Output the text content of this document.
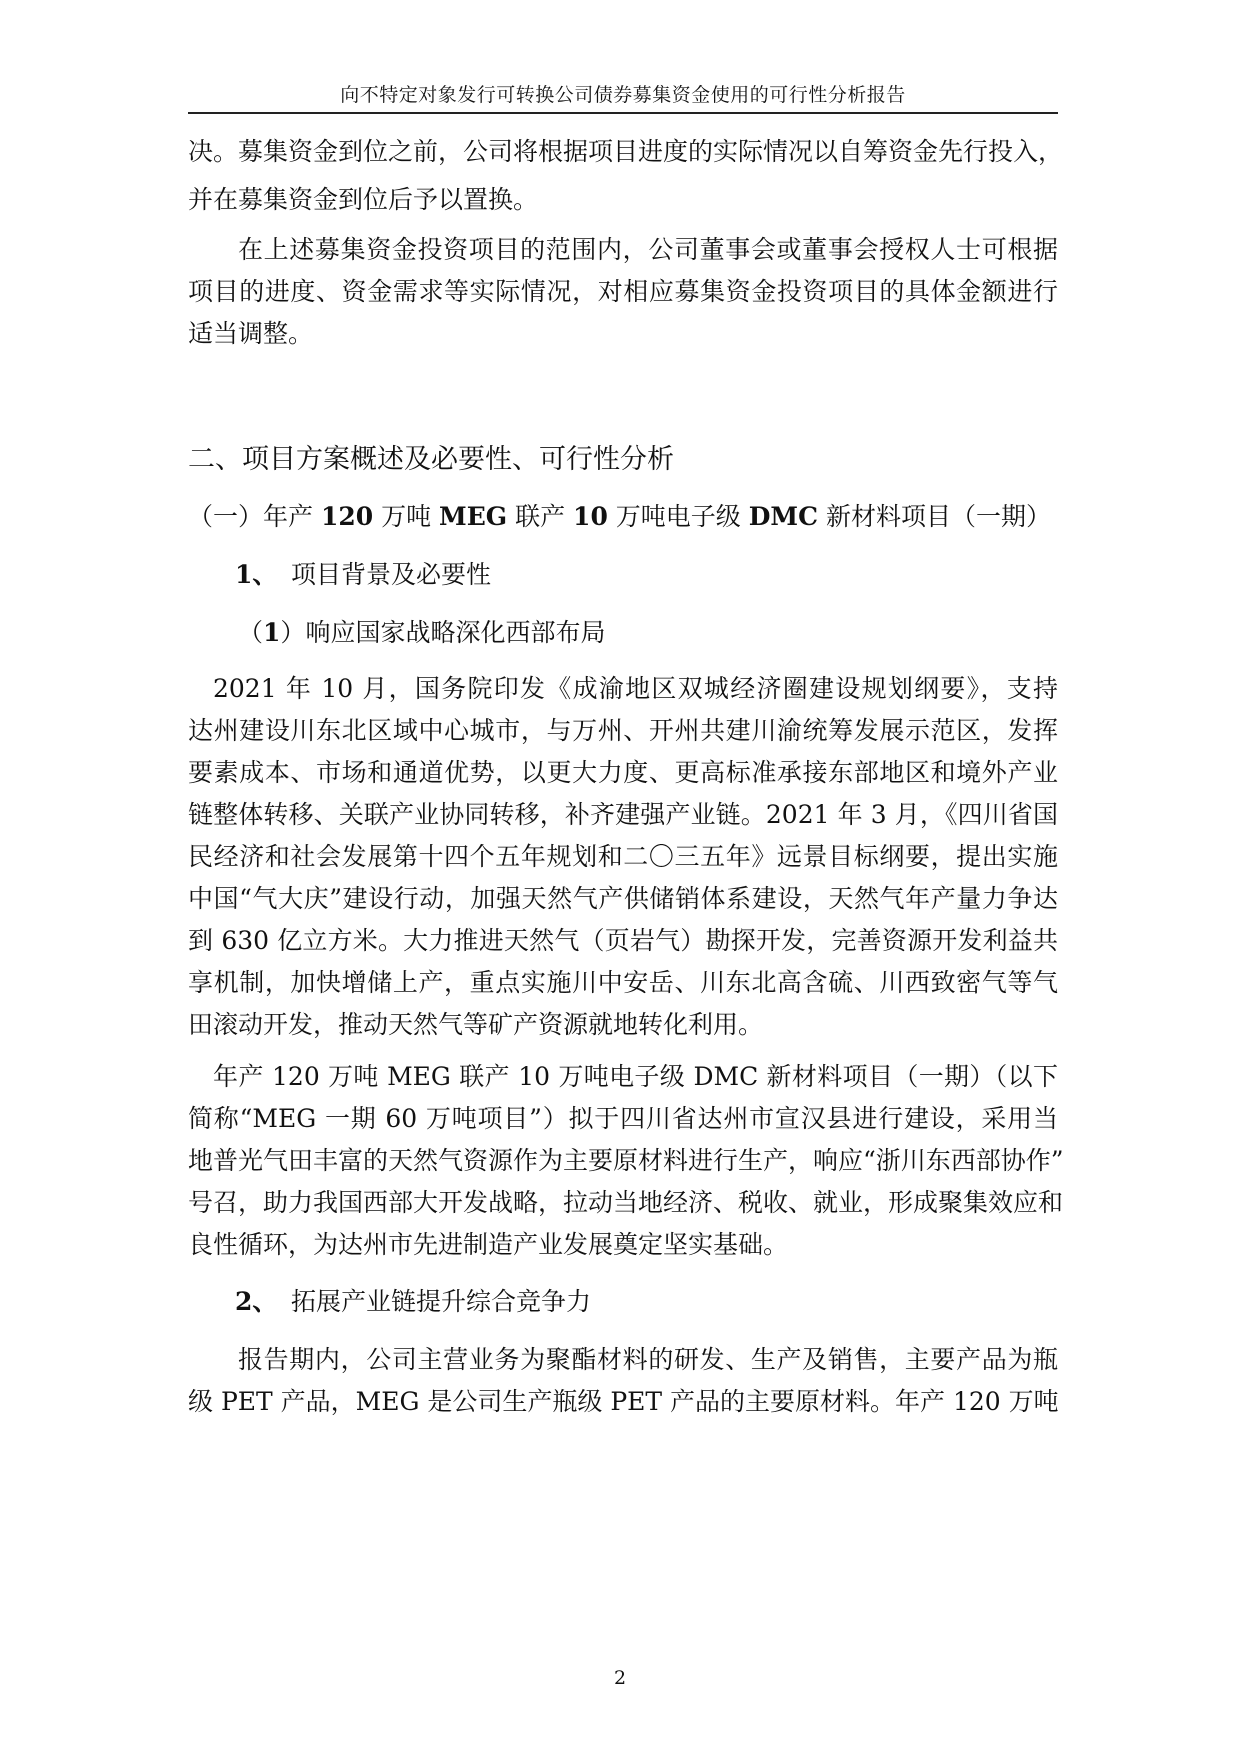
向不特定对象发行可转换公司债券募集资金使用的可行性分析报告
决。募集资金到位之前，公司将根据项目进度的实际情况以自筹资金先行投入，
并在募集资金到位后予以置换。
在上述募集资金投资项目的范围内，公司董事会或董事会授权人士可根据
项目的进度、资金需求等实际情况，对相应募集资金投资项目的具体金额进行
适当调整。
二、项目方案概述及必要性、可行性分析
（一）年产 120 万吨 MEG 联产 10 万吨电子级 DMC 新材料项目（一期）
1、 项目背景及必要性
（1）响应国家战略深化西部布局
2021 年 10 月，国务院印发《成渝地区双城经济圈建设规划纲要》，支持
达州建设川东北区域中心城市，与万州、开州共建川渝统筹发展示范区，发挥
要素成本、市场和通道优势，以更大力度、更高标准承接东部地区和境外产业
链整体转移、关联产业协同转移，补齐建强产业链。2021 年 3 月，《四川省国
民经济和社会发展第十四个五年规划和二〇三五年》远景目标纲要，提出实施
中国“气大庆”建设行动，加强天然气产供储销体系建设，天然气年产量力争达
到 630 亿立方米。大力推进天然气（页岩气）勘探开发，完善资源开发利益共
享机制，加快增储上产，重点实施川中安岳、川东北高含硫、川西致密气等气
田滚动开发，推动天然气等矿产资源就地转化利用。
年产 120 万吨 MEG 联产 10 万吨电子级 DMC 新材料项目（一期）（以下
简称“MEG 一期 60 万吨项目”）拟于四川省达州市宣汉县进行建设，采用当
地普光气田丰富的天然气资源作为主要原材料进行生产，响应“浙川东西部协作”
号召，助力我国西部大开发战略，拉动当地经济、税收、就业，形成聚集效应和
良性循环，为达州市先进制造产业发展奠定坚实基础。
2、 拓展产业链提升综合竞争力
报告期内，公司主营业务为聚酯材料的研发、生产及销售，主要产品为瓶
级 PET 产品，MEG 是公司生产瓶级 PET 产品的主要原材料。年产 120 万吨
2
